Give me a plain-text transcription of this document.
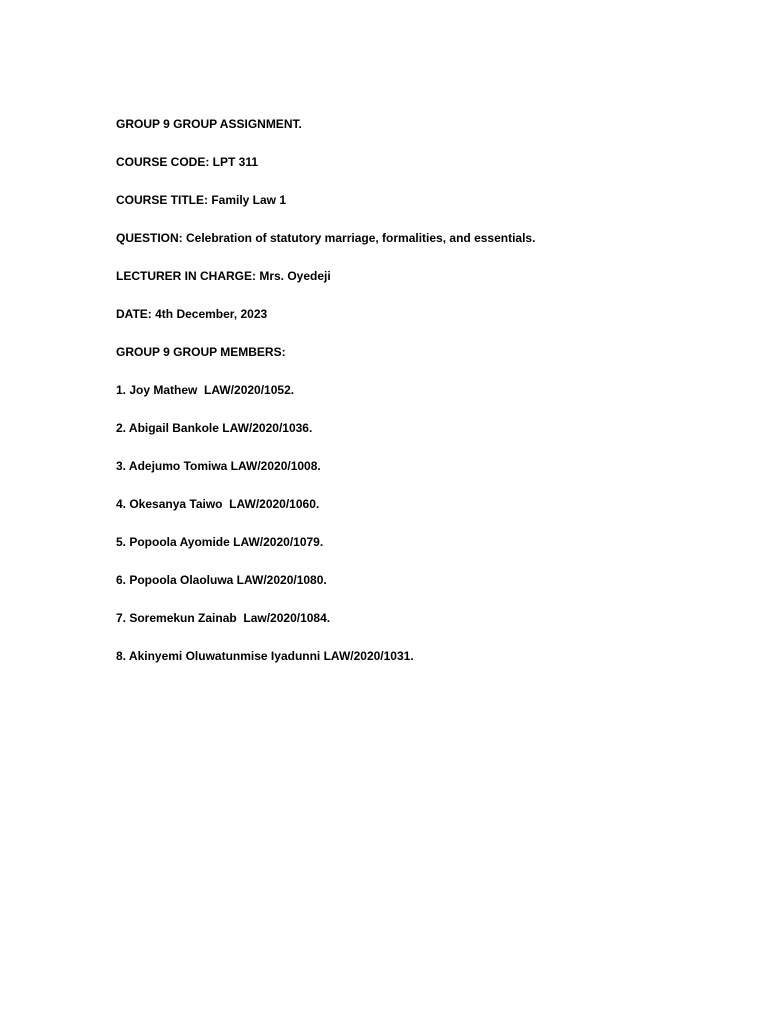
GROUP 9 GROUP ASSIGNMENT.
COURSE CODE: LPT 311
COURSE TITLE: Family Law 1
QUESTION: Celebration of statutory marriage, formalities, and essentials.
LECTURER IN CHARGE: Mrs. Oyedeji
DATE: 4th December, 2023
GROUP 9 GROUP MEMBERS:
1. Joy Mathew  LAW/2020/1052.
2. Abigail Bankole LAW/2020/1036.
3. Adejumo Tomiwa LAW/2020/1008.
4. Okesanya Taiwo  LAW/2020/1060.
5. Popoola Ayomide LAW/2020/1079.
6. Popoola Olaoluwa LAW/2020/1080.
7. Soremekun Zainab  Law/2020/1084.
8. Akinyemi Oluwatunmise Iyadunni LAW/2020/1031.
